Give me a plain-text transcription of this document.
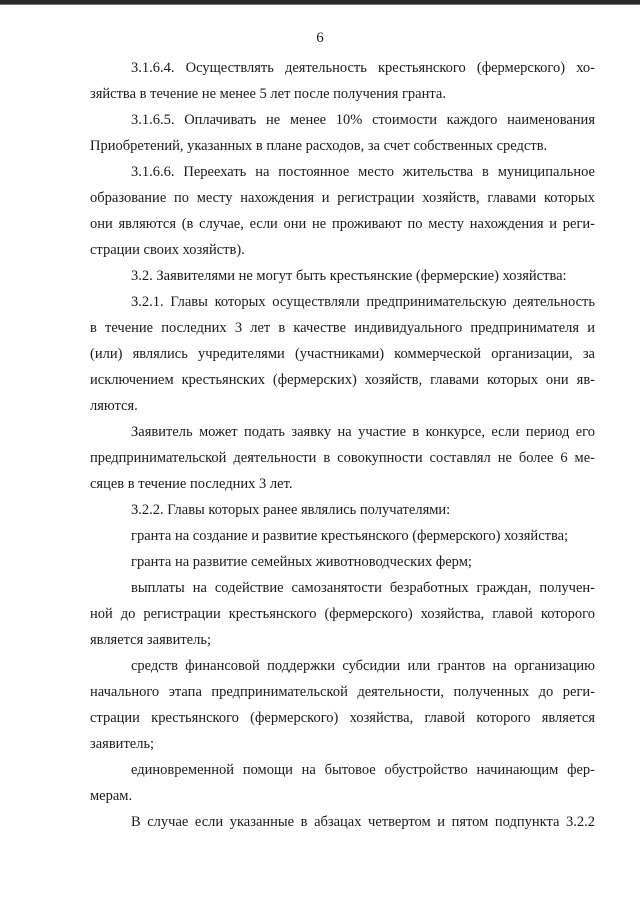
6
3.1.6.4. Осуществлять деятельность крестьянского (фермерского) хо-
зяйства в течение не менее 5 лет после получения гранта.
3.1.6.5. Оплачивать не менее 10% стоимости каждого наименования
Приобретений, указанных в плане расходов, за счет собственных средств.
3.1.6.6. Переехать на постоянное место жительства в муниципальное
образование по месту нахождения и регистрации хозяйств, главами которых
они являются (в случае, если они не проживают по месту нахождения и реги-
страции своих хозяйств).
3.2. Заявителями не могут быть крестьянские (фермерские) хозяйства:
3.2.1. Главы которых осуществляли предпринимательскую деятельность
в течение последних 3 лет в качестве индивидуального предпринимателя и
(или) являлись учредителями (участниками) коммерческой организации, за
исключением крестьянских (фермерских) хозяйств, главами которых они яв-
ляются.
Заявитель может подать заявку на участие в конкурсе, если период его
предпринимательской деятельности в совокупности составлял не более 6 ме-
сяцев в течение последних 3 лет.
3.2.2. Главы которых ранее являлись получателями:
гранта на создание и развитие крестьянского (фермерского) хозяйства;
гранта на развитие семейных животноводческих ферм;
выплаты на содействие самозанятости безработных граждан, получен-
ной до регистрации крестьянского (фермерского) хозяйства, главой которого
является заявитель;
средств финансовой поддержки субсидии или грантов на организацию
начального этапа предпринимательской деятельности, полученных до реги-
страции крестьянского (фермерского) хозяйства, главой которого является
заявитель;
единовременной помощи на бытовое обустройство начинающим фер-
мерам.
В случае если указанные в абзацах четвертом и пятом подпункта 3.2.2
